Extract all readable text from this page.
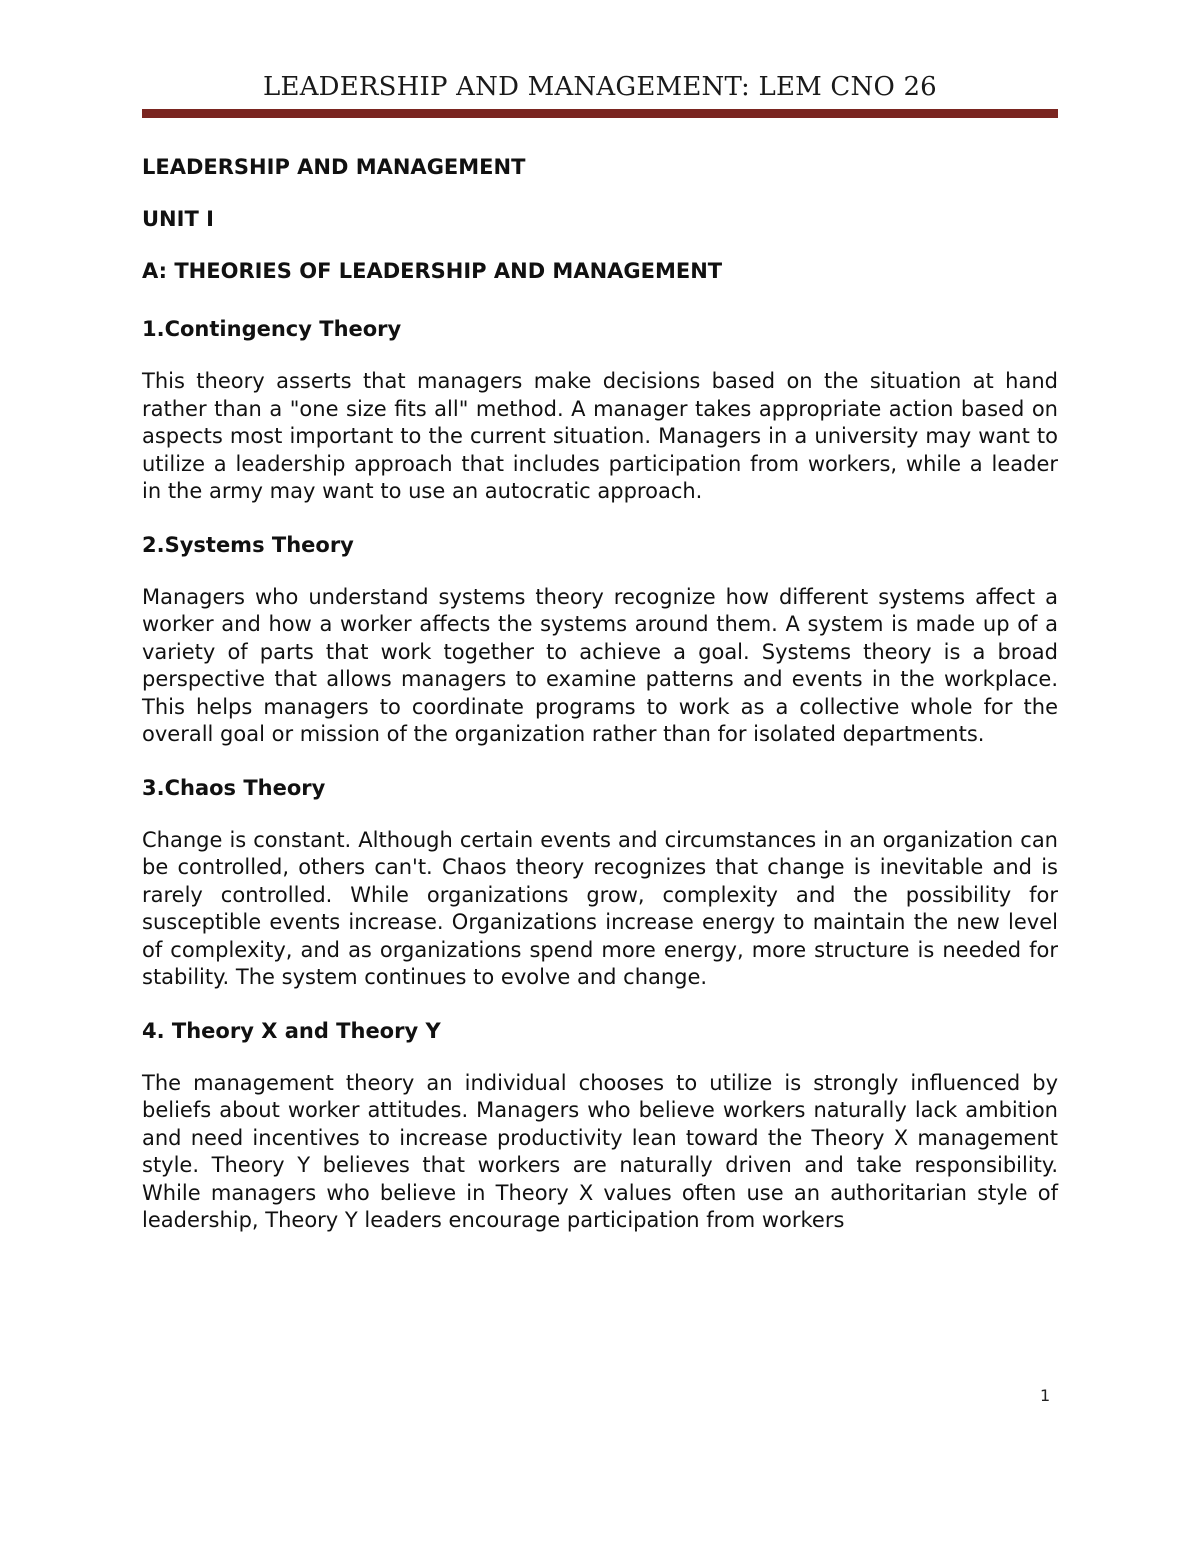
LEADERSHIP AND MANAGEMENT: LEM CNO 26

LEADERSHIP AND MANAGEMENT

UNIT I

A: THEORIES OF LEADERSHIP AND MANAGEMENT

1.Contingency Theory

This theory asserts that managers make decisions based on the situation at hand rather than a "one size fits all" method. A manager takes appropriate action based on aspects most important to the current situation. Managers in a university may want to utilize a leadership approach that includes participation from workers, while a leader in the army may want to use an autocratic approach.

2.Systems Theory

Managers who understand systems theory recognize how different systems affect a worker and how a worker affects the systems around them. A system is made up of a variety of parts that work together to achieve a goal. Systems theory is a broad perspective that allows managers to examine patterns and events in the workplace. This helps managers to coordinate programs to work as a collective whole for the overall goal or mission of the organization rather than for isolated departments.

3.Chaos Theory

Change is constant. Although certain events and circumstances in an organization can be controlled, others can't. Chaos theory recognizes that change is inevitable and is rarely controlled. While organizations grow, complexity and the possibility for susceptible events increase. Organizations increase energy to maintain the new level of complexity, and as organizations spend more energy, more structure is needed for stability. The system continues to evolve and change.

4. Theory X and Theory Y

The management theory an individual chooses to utilize is strongly influenced by beliefs about worker attitudes. Managers who believe workers naturally lack ambition and need incentives to increase productivity lean toward the Theory X management style. Theory Y believes that workers are naturally driven and take responsibility. While managers who believe in Theory X values often use an authoritarian style of leadership, Theory Y leaders encourage participation from workers

1
